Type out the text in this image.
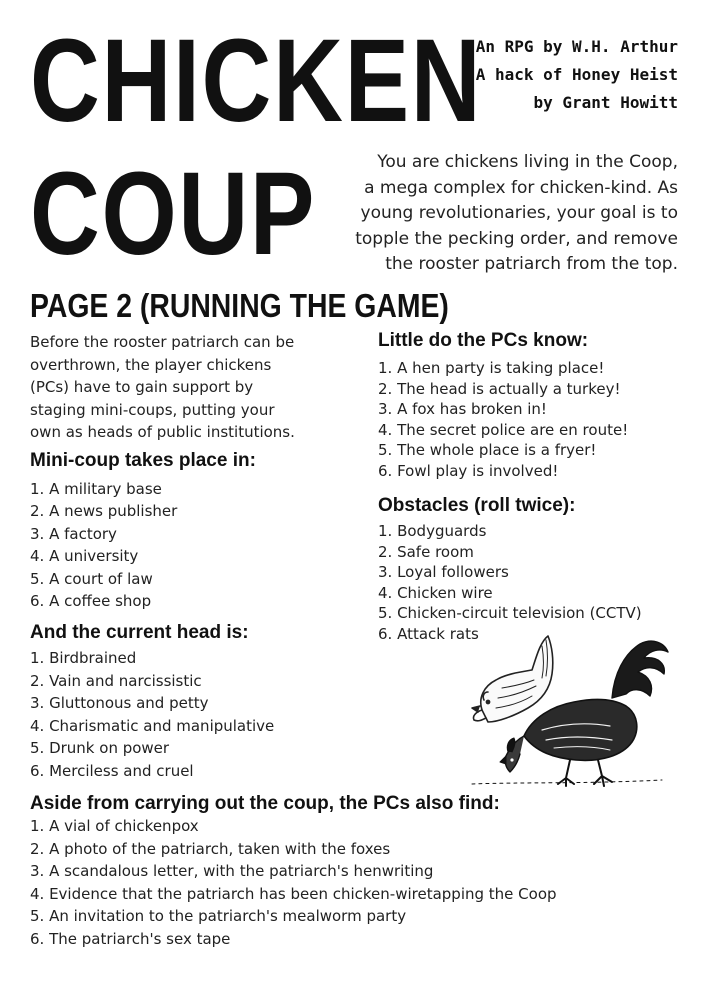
CHICKEN
COUP
An RPG by W.H. Arthur
A hack of Honey Heist
by Grant Howitt
You are chickens living in the Coop,
a mega complex for chicken-kind. As
young revolutionaries, your goal is to
topple the pecking order, and remove
the rooster patriarch from the top.
PAGE 2 (RUNNING THE GAME)
Before the rooster patriarch can be
overthrown, the player chickens
(PCs) have to gain support by
staging mini-coups, putting your
own as heads of public institutions.
Mini-coup takes place in:
1. A military base
2. A news publisher
3. A factory
4. A university
5. A court of law
6. A coffee shop
And the current head is:
1. Birdbrained
2. Vain and narcissistic
3. Gluttonous and petty
4. Charismatic and manipulative
5. Drunk on power
6. Merciless and cruel
Little do the PCs know:
1. A hen party is taking place!
2. The head is actually a turkey!
3. A fox has broken in!
4. The secret police are en route!
5. The whole place is a fryer!
6. Fowl play is involved!
Obstacles (roll twice):
1. Bodyguards
2. Safe room
3. Loyal followers
4. Chicken wire
5. Chicken-circuit television (CCTV)
6. Attack rats
Aside from carrying out the coup, the PCs also find:
1. A vial of chickenpox
2. A photo of the patriarch, taken with the foxes
3. A scandalous letter, with the patriarch's henwriting
4. Evidence that the patriarch has been chicken-wiretapping the Coop
5. An invitation to the patriarch's mealworm party
6. The patriarch's sex tape
